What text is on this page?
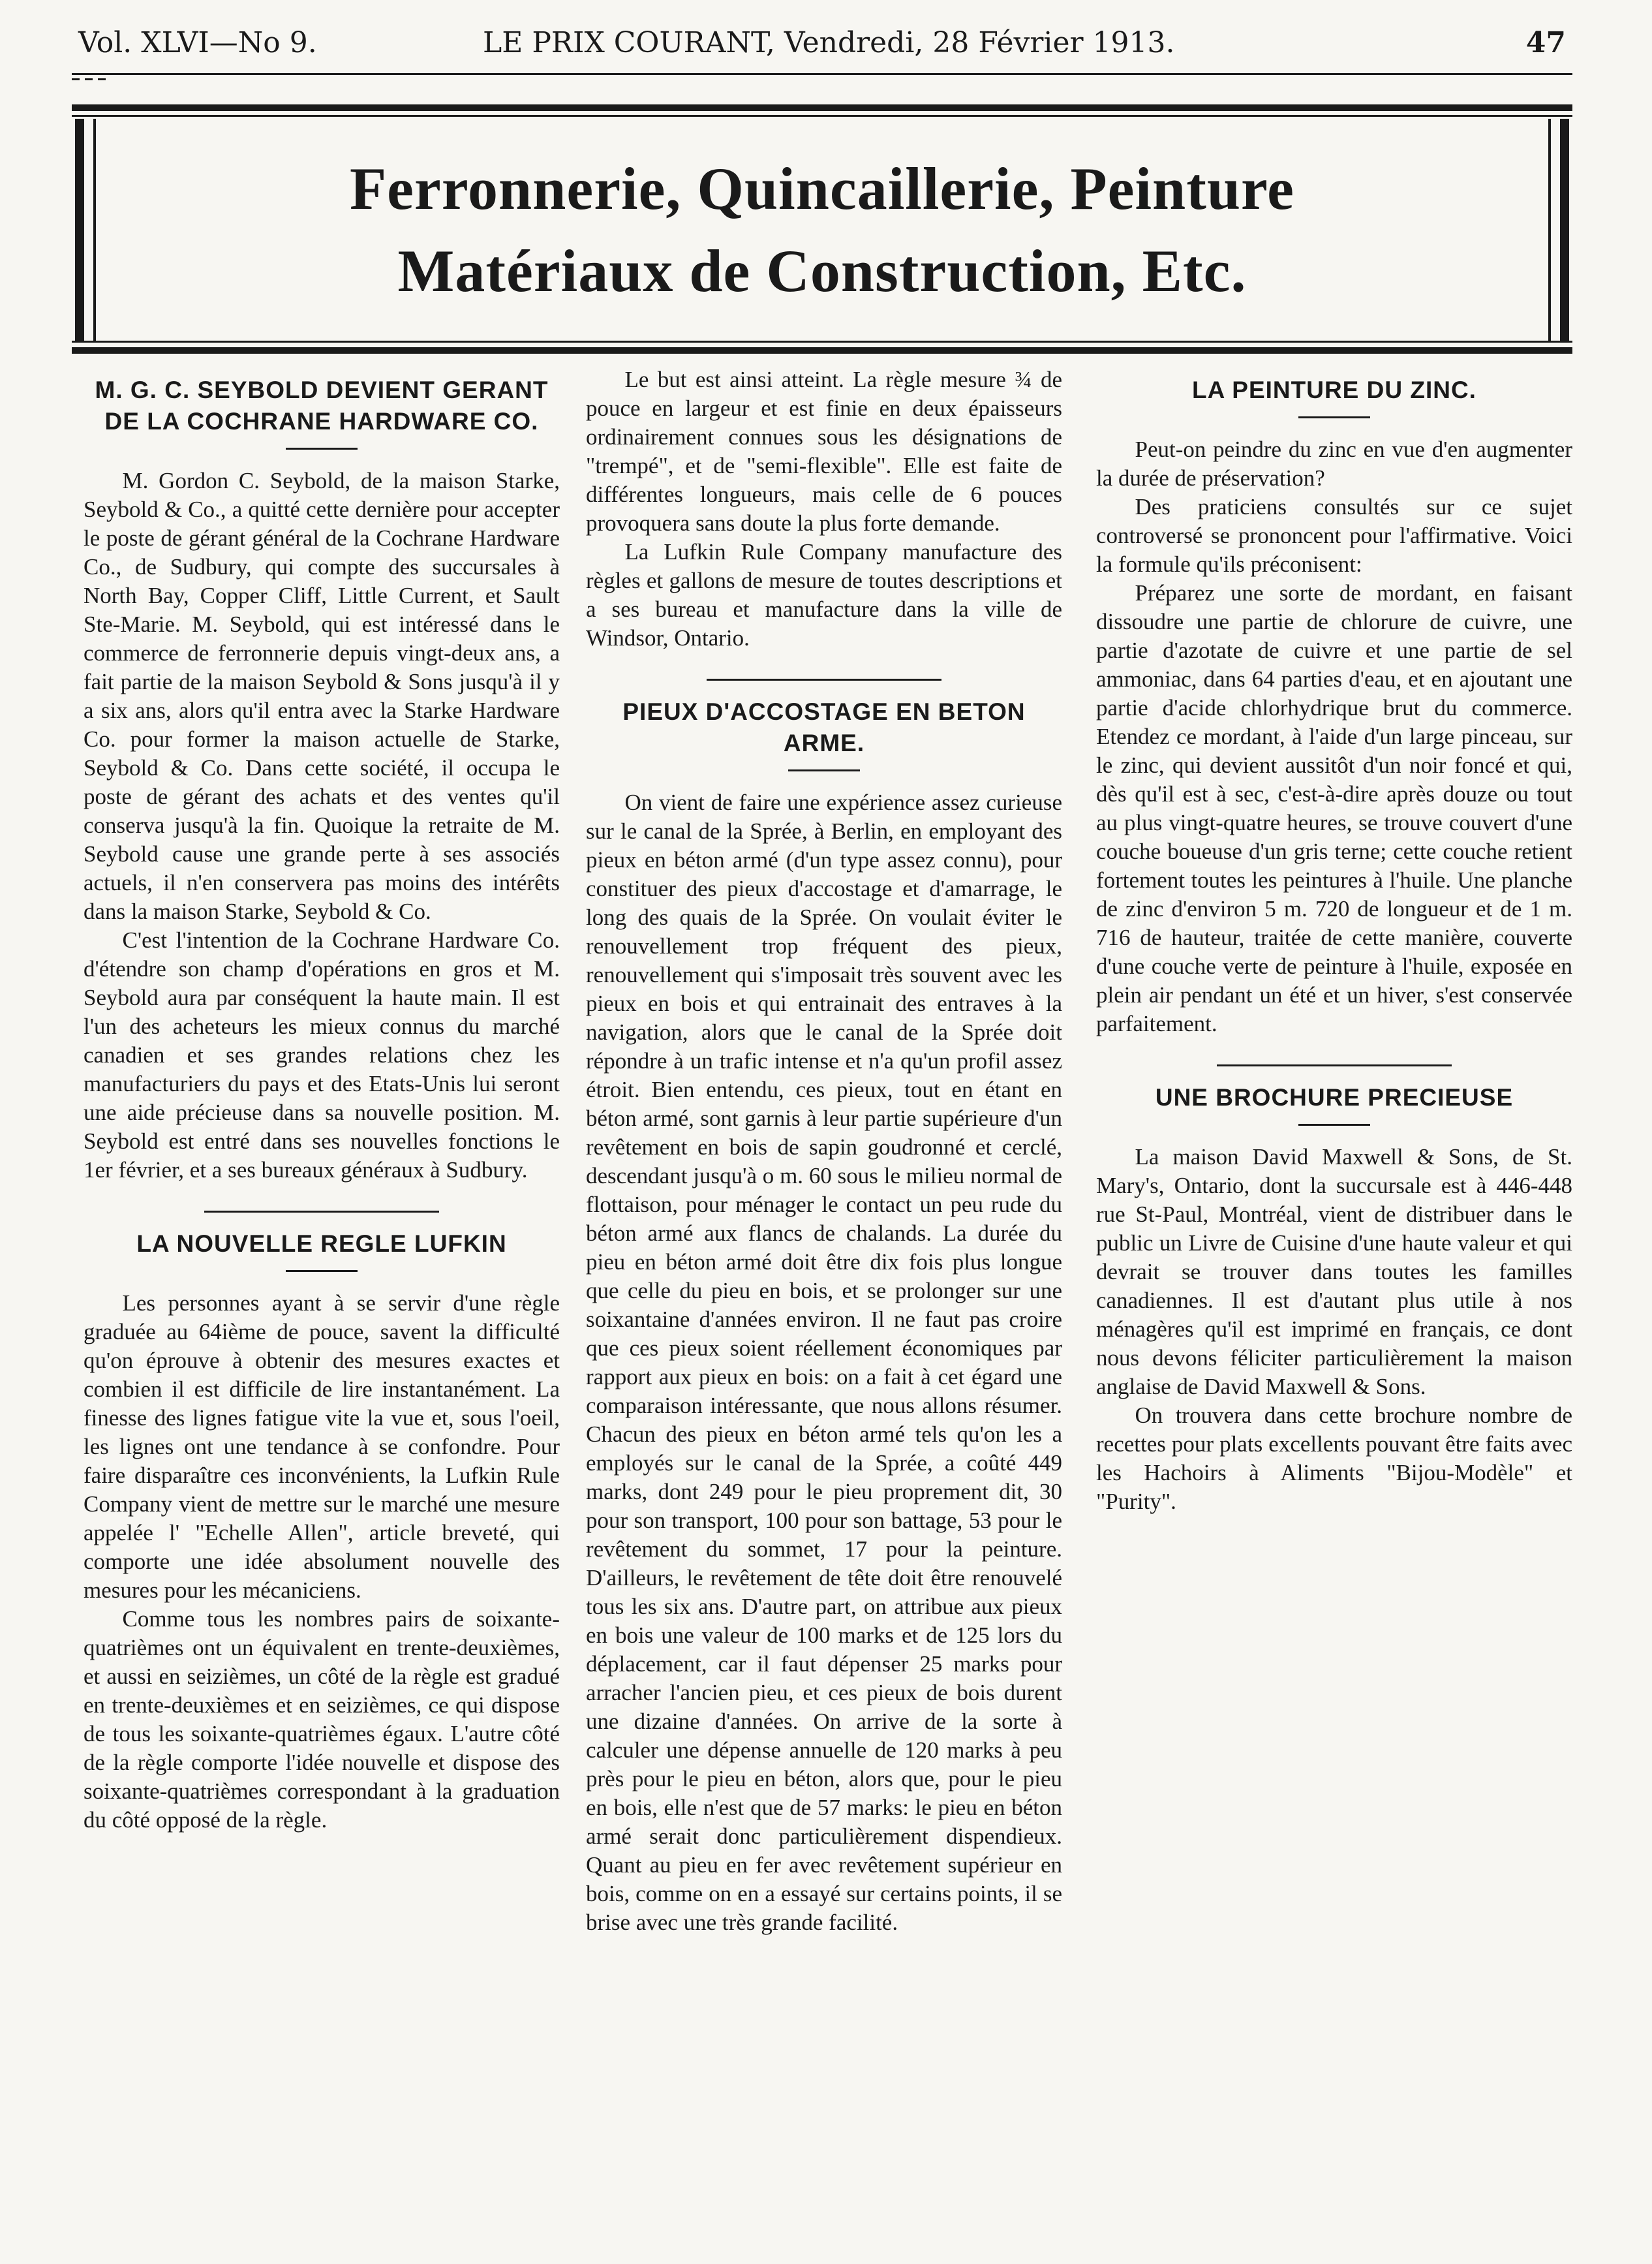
Vol. XLVI—No 9.	LE PRIX COURANT, Vendredi, 28 Février 1913.	47
Ferronnerie, Quincaillerie, Peinture
Matériaux de Construction, Etc.
M. G. C. SEYBOLD DEVIENT GERANT DE LA COCHRANE HARDWARE CO.

M. Gordon C. Seybold, de la maison Starke, Seybold & Co., a quitté cette dernière pour accepter le poste de gérant général de la Cochrane Hardware Co., de Sudbury, qui compte des succursales à North Bay, Copper Cliff, Little Current, et Sault Ste-Marie. M. Seybold, qui est intéressé dans le commerce de ferronnerie depuis vingt-deux ans, a fait partie de la maison Seybold & Sons jusqu'à il y a six ans, alors qu'il entra avec la Starke Hardware Co. pour former la maison actuelle de Starke, Seybold & Co. Dans cette société, il occupa le poste de gérant des achats et des ventes qu'il conserva jusqu'à la fin. Quoique la retraite de M. Seybold cause une grande perte à ses associés actuels, il n'en conservera pas moins des intérêts dans la maison Starke, Seybold & Co.

C'est l'intention de la Cochrane Hardware Co. d'étendre son champ d'opérations en gros et M. Seybold aura par conséquent la haute main. Il est l'un des acheteurs les mieux connus du marché canadien et ses grandes relations chez les manufacturiers du pays et des Etats-Unis lui seront une aide précieuse dans sa nouvelle position. M. Seybold est entré dans ses nouvelles fonctions le 1er février, et a ses bureaux généraux à Sudbury.

LA NOUVELLE REGLE LUFKIN

Les personnes ayant à se servir d'une règle graduée au 64ième de pouce, savent la difficulté qu'on éprouve à obtenir des mesures exactes et combien il est difficile de lire instantanément. La finesse des lignes fatigue vite la vue et, sous l'oeil, les lignes ont une tendance à se confondre. Pour faire disparaître ces inconvénients, la Lufkin Rule Company vient de mettre sur le marché une mesure appelée l' "Echelle Allen", article breveté, qui comporte une idée absolument nouvelle des mesures pour les mécaniciens.

Comme tous les nombres pairs de soixante-quatrièmes ont un équivalent en trente-deuxièmes, et aussi en seizièmes, un côté de la règle est gradué en trente-deuxièmes et en seizièmes, ce qui dispose de tous les soixante-quatrièmes égaux. L'autre côté de la règle comporte l'idée nouvelle et dispose des soixante-quatrièmes correspondant à la graduation du côté opposé de la règle.

Le but est ainsi atteint. La règle mesure ¾ de pouce en largeur et est finie en deux épaisseurs ordinairement connues sous les désignations de "trempé", et de "semi-flexible". Elle est faite de différentes longueurs, mais celle de 6 pouces provoquera sans doute la plus forte demande.

La Lufkin Rule Company manufacture des règles et gallons de mesure de toutes descriptions et a ses bureau et manufacture dans la ville de Windsor, Ontario.

PIEUX D'ACCOSTAGE EN BETON ARME.

On vient de faire une expérience assez curieuse sur le canal de la Sprée, à Berlin, en employant des pieux en béton armé (d'un type assez connu), pour constituer des pieux d'accostage et d'amarrage, le long des quais de la Sprée. On voulait éviter le renouvellement trop fréquent des pieux, renouvellement qui s'imposait très souvent avec les pieux en bois et qui entrainait des entraves à la navigation, alors que le canal de la Sprée doit répondre à un trafic intense et n'a qu'un profil assez étroit. Bien entendu, ces pieux, tout en étant en béton armé, sont garnis à leur partie supérieure d'un revêtement en bois de sapin goudronné et cerclé, descendant jusqu'à o m. 60 sous le milieu normal de flottaison, pour ménager le contact un peu rude du béton armé aux flancs de chalands. La durée du pieu en béton armé doit être dix fois plus longue que celle du pieu en bois, et se prolonger sur une soixantaine d'années environ. Il ne faut pas croire que ces pieux soient réellement économiques par rapport aux pieux en bois: on a fait à cet égard une comparaison intéressante, que nous allons résumer. Chacun des pieux en béton armé tels qu'on les a employés sur le canal de la Sprée, a coûté 449 marks, dont 249 pour le pieu proprement dit, 30 pour son transport, 100 pour son battage, 53 pour le revêtement du sommet, 17 pour la peinture. D'ailleurs, le revêtement de tête doit être renouvelé tous les six ans. D'autre part, on attribue aux pieux en bois une valeur de 100 marks et de 125 lors du déplacement, car il faut dépenser 25 marks pour arracher l'ancien pieu, et ces pieux de bois durent une dizaine d'années. On arrive de la sorte à calculer une dépense annuelle de 120 marks à peu près pour le pieu en béton, alors que, pour le pieu en bois, elle n'est que de 57 marks: le pieu en béton armé serait donc particulièrement dispendieux. Quant au pieu en fer avec revêtement supérieur en bois, comme on en a essayé sur certains points, il se brise avec une très grande facilité.

LA PEINTURE DU ZINC.

Peut-on peindre du zinc en vue d'en augmenter la durée de préservation?

Des praticiens consultés sur ce sujet controversé se prononcent pour l'affirmative. Voici la formule qu'ils préconisent:

Préparez une sorte de mordant, en faisant dissoudre une partie de chlorure de cuivre, une partie d'azotate de cuivre et une partie de sel ammoniac, dans 64 parties d'eau, et en ajoutant une partie d'acide chlorhydrique brut du commerce. Etendez ce mordant, à l'aide d'un large pinceau, sur le zinc, qui devient aussitôt d'un noir foncé et qui, dès qu'il est à sec, c'est-à-dire après douze ou tout au plus vingt-quatre heures, se trouve couvert d'une couche boueuse d'un gris terne; cette couche retient fortement toutes les peintures à l'huile. Une planche de zinc d'environ 5 m. 720 de longueur et de 1 m. 716 de hauteur, traitée de cette manière, couverte d'une couche verte de peinture à l'huile, exposée en plein air pendant un été et un hiver, s'est conservée parfaitement.

UNE BROCHURE PRECIEUSE

La maison David Maxwell & Sons, de St. Mary's, Ontario, dont la succursale est à 446-448 rue St-Paul, Montréal, vient de distribuer dans le public un Livre de Cuisine d'une haute valeur et qui devrait se trouver dans toutes les familles canadiennes. Il est d'autant plus utile à nos ménagères qu'il est imprimé en français, ce dont nous devons féliciter particulièrement la maison anglaise de David Maxwell & Sons.

On trouvera dans cette brochure nombre de recettes pour plats excellents pouvant être faits avec les Hachoirs à Aliments "Bijou-Modèle" et "Purity".
